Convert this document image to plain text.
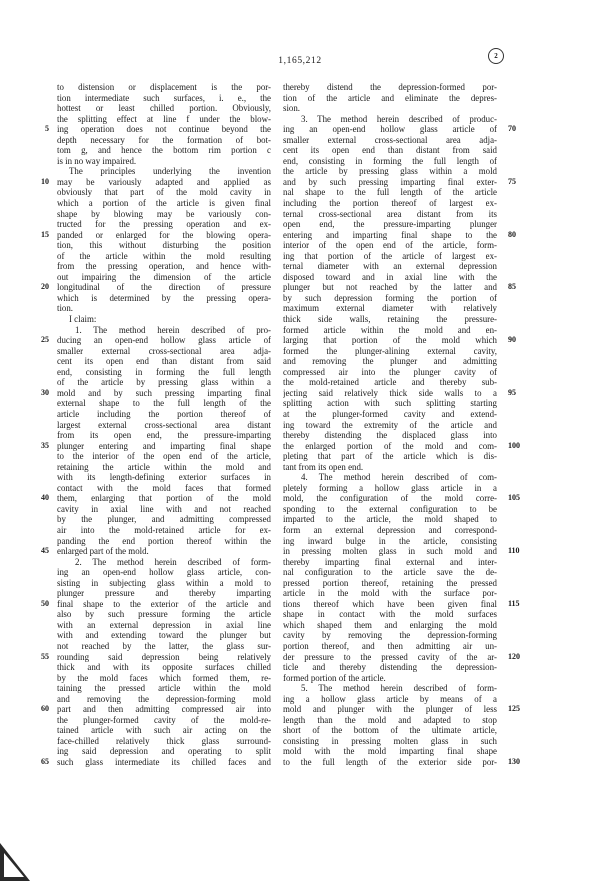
1,165,212	2
to distension or displacement is the por-
tion intermediate such surfaces, i. e., the
hottest or least chilled portion. Obviously,
the splitting effect at line f under the blow-
ing operation does not continue beyond the
depth necessary for the formation of bot-
tom g, and hence the bottom rim portion c
is in no way impaired.
The principles underlying the invention
may be variously adapted and applied as
obviously that part of the mold cavity in
which a portion of the article is given final
shape by blowing may be variously con-
tructed for the pressing operation and ex-
panded or enlarged for the blowing opera-
tion, this without disturbing the position
of the article within the mold resulting
from the pressing operation, and hence with-
out impairing the dimension of the article
longitudinal of the direction of pressure
which is determined by the pressing opera-
tion.
I claim:
1. The method herein described of pro-
ducing an open-end hollow glass article of
smaller external cross-sectional area adja-
cent its open end than distant from said
end, consisting in forming the full length
of the article by pressing glass within a
mold and by such pressing imparting final
external shape to the full length of the
article including the portion thereof of
largest external cross-sectional area distant
from its open end, the pressure-imparting
plunger entering and imparting final shape
to the interior of the open end of the article,
retaining the article within the mold and
with its length-defining exterior surfaces in
contact with the mold faces that formed
them, enlarging that portion of the mold
cavity in axial line with and not reached
by the plunger, and admitting compressed
air into the mold-retained article for ex-
panding the end portion thereof within the
enlarged part of the mold.
2. The method herein described of form-
ing an open-end hollow glass article, con-
sisting in subjecting glass within a mold to
plunger pressure and thereby imparting
final shape to the exterior of the article and
also by such pressure forming the article
with an external depression in axial line
with and extending toward the plunger but
not reached by the latter, the glass sur-
rounding said depression being relatively
thick and with its opposite surfaces chilled
by the mold faces which formed them, re-
taining the pressed article within the mold
and removing the depression-forming mold
part and then admitting compressed air into
the plunger-formed cavity of the mold-re-
tained article with such air acting on the
face-chilled relatively thick glass surround-
ing said depression and operating to split
such glass intermediate its chilled faces and
thereby distend the depression-formed por-
tion of the article and eliminate the depres-
sion.
3. The method herein described of produc-
ing an open-end hollow glass article of
smaller external cross-sectional area adja-
cent its open end than distant from said
end, consisting in forming the full length of
the article by pressing glass within a mold
and by such pressing imparting final exter-
nal shape to the full length of the article
including the portion thereof of largest ex-
ternal cross-sectional area distant from its
open end, the pressure-imparting plunger
entering and imparting final shape to the
interior of the open end of the article, form-
ing that portion of the article of largest ex-
ternal diameter with an external depression
disposed toward and in axial line with the
plunger but not reached by the latter and
by such depression forming the portion of
maximum external diameter with relatively
thick side walls, retaining the pressure-
formed article within the mold and en-
larging that portion of the mold which
formed the plunger-alining external cavity,
and removing the plunger and admitting
compressed air into the plunger cavity of
the mold-retained article and thereby sub-
jecting said relatively thick side walls to a
splitting action with such splitting starting
at the plunger-formed cavity and extend-
ing toward the extremity of the article and
thereby distending the displaced glass into
the enlarged portion of the mold and com-
pleting that part of the article which is dis-
tant from its open end.
4. The method herein described of com-
pletely forming a hollow glass article in a
mold, the configuration of the mold corre-
sponding to the external configuration to be
imparted to the article, the mold shaped to
form an external depression and correspond-
ing inward bulge in the article, consisting
in pressing molten glass in such mold and
thereby imparting final external and inter-
nal configuration to the article save the de-
pressed portion thereof, retaining the pressed
article in the mold with the surface por-
tions thereof which have been given final
shape in contact with the mold surfaces
which shaped them and enlarging the mold
cavity by removing the depression-forming
portion thereof, and then admitting air un-
der pressure to the pressed cavity of the ar-
ticle and thereby distending the depression-
formed portion of the article.
5. The method herein described of form-
ing a hollow glass article by means of a
mold and plunger with the plunger of less
length than the mold and adapted to stop
short of the bottom of the ultimate article,
consisting in pressing molten glass in such
mold with the mold imparting final shape
to the full length of the exterior side por-
5
10
15
20
25
30
35
40
45
50
55
60
65
70
75
80
85
90
95
100
105
110
115
120
125
130
